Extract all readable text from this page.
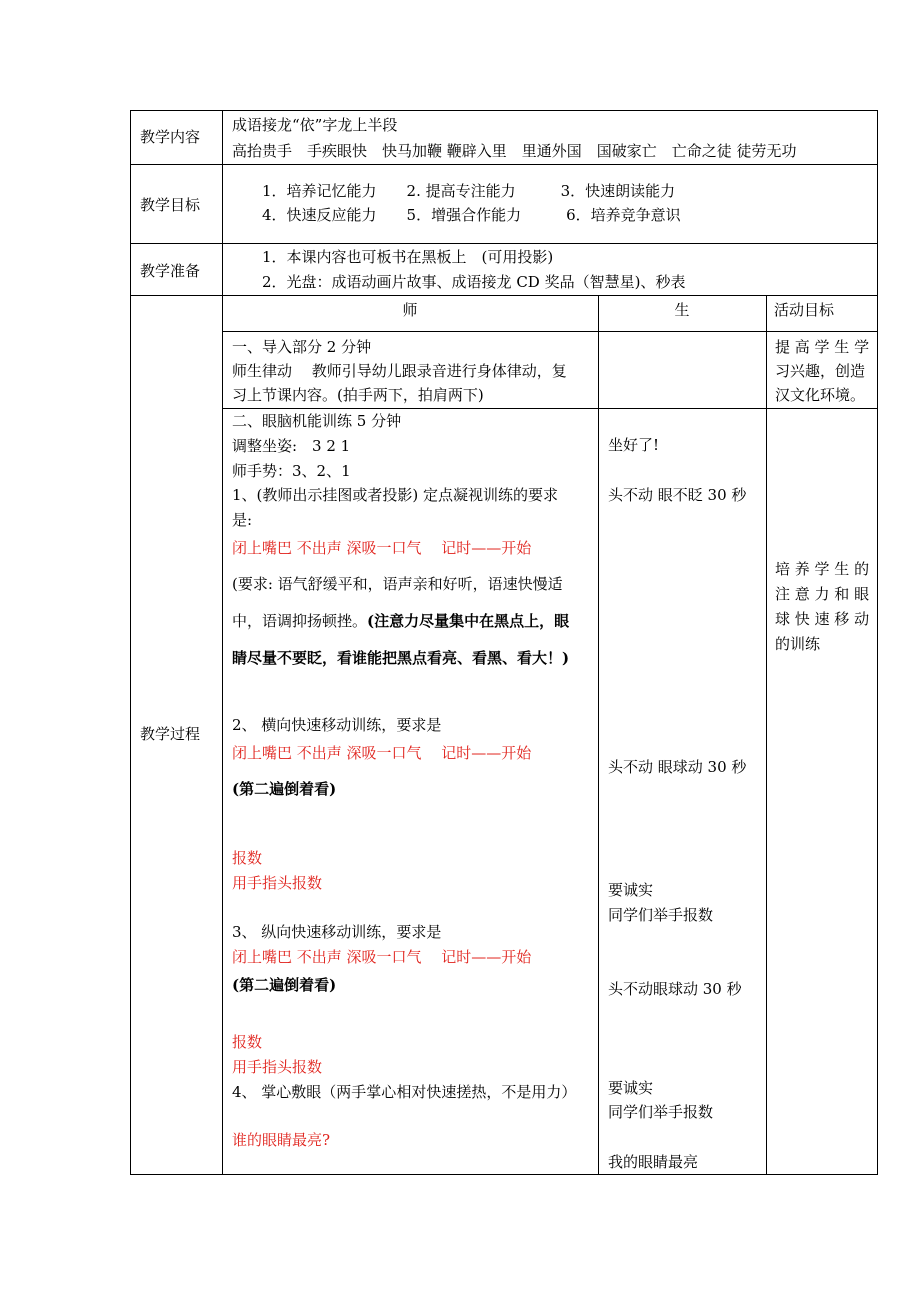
教学内容
教学目标
教学准备
教学过程
成语接龙“依”字龙上半段
高抬贵手　手疾眼快　快马加鞭 鞭辟入里　里通外国　国破家亡　亡命之徒 徒劳无功
1．培养记忆能力　　2. 提高专注能力　　　3．快速朗读能力
4．快速反应能力　　5．增强合作能力　　　6．培养竞争意识
1．本课内容也可板书在黑板上　(可用投影)
2．光盘：成语动画片故事、成语接龙 CD 奖品（智慧星)、秒表
师	生	活动目标
一、导入部分 2 分钟
师生律动　 教师引导幼儿跟录音进行身体律动，复
习上节课内容。(拍手两下，拍肩两下)
提 高 学 生 学
习兴趣，创造
汉文化环境。
二、眼脑机能训练 5 分钟
调整坐姿:　3 2 1
师手势：3、2、1
1、(教师出示挂图或者投影) 定点凝视训练的要求
是:
闭上嘴巴 不出声 深吸一口气　 记时——开始
(要求: 语气舒缓平和，语声亲和好听，语速快慢适
中，语调抑扬顿挫。(注意力尽量集中在黑点上，眼
睛尽量不要眨，看谁能把黑点看亮、看黑、看大！)
2、 横向快速移动训练，要求是
闭上嘴巴 不出声 深吸一口气　 记时——开始
(第二遍倒着看)
报数
用手指头报数
3、 纵向快速移动训练，要求是
闭上嘴巴 不出声 深吸一口气　 记时——开始
(第二遍倒着看)
报数
用手指头报数
4、 掌心敷眼（两手掌心相对快速搓热，不是用力）
谁的眼睛最亮?
坐好了!
头不动 眼不眨 30 秒
头不动 眼球动 30 秒
要诚实
同学们举手报数
头不动眼球动 30 秒
要诚实
同学们举手报数
我的眼睛最亮
培 养 学 生 的
注 意 力 和 眼
球 快 速 移 动
的训练
